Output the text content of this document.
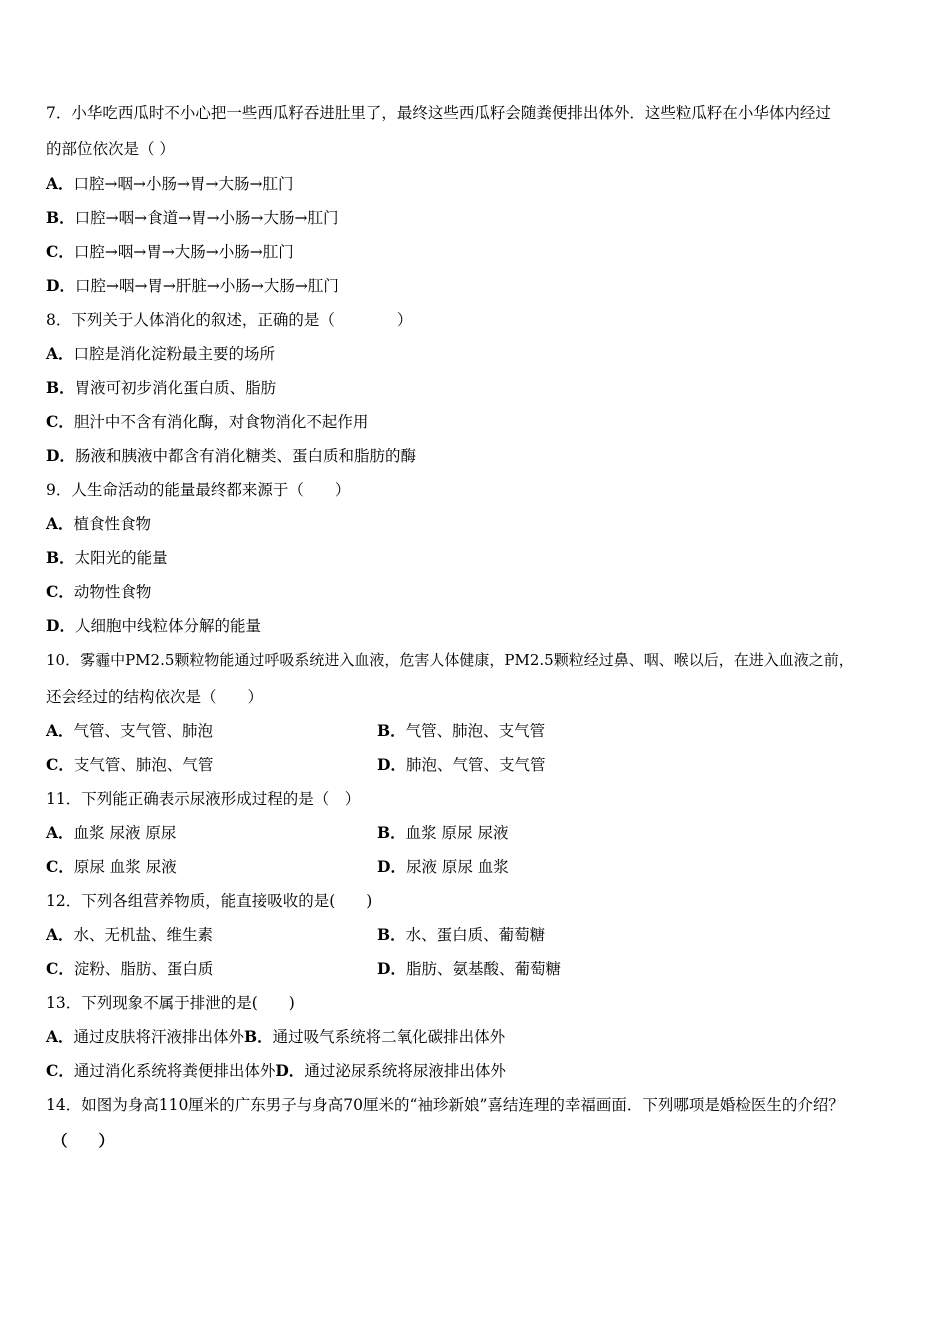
7．小华吃西瓜时不小心把一些西瓜籽吞进肚里了，最终这些西瓜籽会随粪便排出体外．这些粒瓜籽在小华体内经过
的部位依次是（ ）
A．口腔→咽→小肠→胃→大肠→肛门
B．口腔→咽→食道→胃→小肠→大肠→肛门
C．口腔→咽→胃→大肠→小肠→肛门
D．口腔→咽→胃→肝脏→小肠→大肠→肛门
8．下列关于人体消化的叙述，正确的是（　　　　）
A．口腔是消化淀粉最主要的场所
B．胃液可初步消化蛋白质、脂肪
C．胆汁中不含有消化酶，对食物消化不起作用
D．肠液和胰液中都含有消化糖类、蛋白质和脂肪的酶
9．人生命活动的能量最终都来源于（　　）
A．植食性食物
B．太阳光的能量
C．动物性食物
D．人细胞中线粒体分解的能量
10．雾霾中PM2.5颗粒物能通过呼吸系统进入血液，危害人体健康，PM2.5颗粒经过鼻、咽、喉以后，在进入血液之前，
还会经过的结构依次是（　　）
A．气管、支气管、肺泡	B．气管、肺泡、支气管
C．支气管、肺泡、气管	D．肺泡、气管、支气管
11．下列能正确表示尿液形成过程的是（　）
A．血浆 尿液 原尿	B．血浆 原尿 尿液
C．原尿 血浆 尿液	D．尿液 原尿 血浆
12．下列各组营养物质，能直接吸收的是(　　)
A．水、无机盐、维生素	B．水、蛋白质、葡萄糖
C．淀粉、脂肪、蛋白质	D．脂肪、氨基酸、葡萄糖
13．下列现象不属于排泄的是(　　)
A．通过皮肤将汗液排出体外B．通过吸气系统将二氧化碳排出体外
C．通过消化系统将粪便排出体外D．通过泌尿系统将尿液排出体外
14．如图为身高110厘米的广东男子与身高70厘米的“袖珍新娘”喜结连理的幸福画面．下列哪项是婚检医生的介绍？
（　　）
